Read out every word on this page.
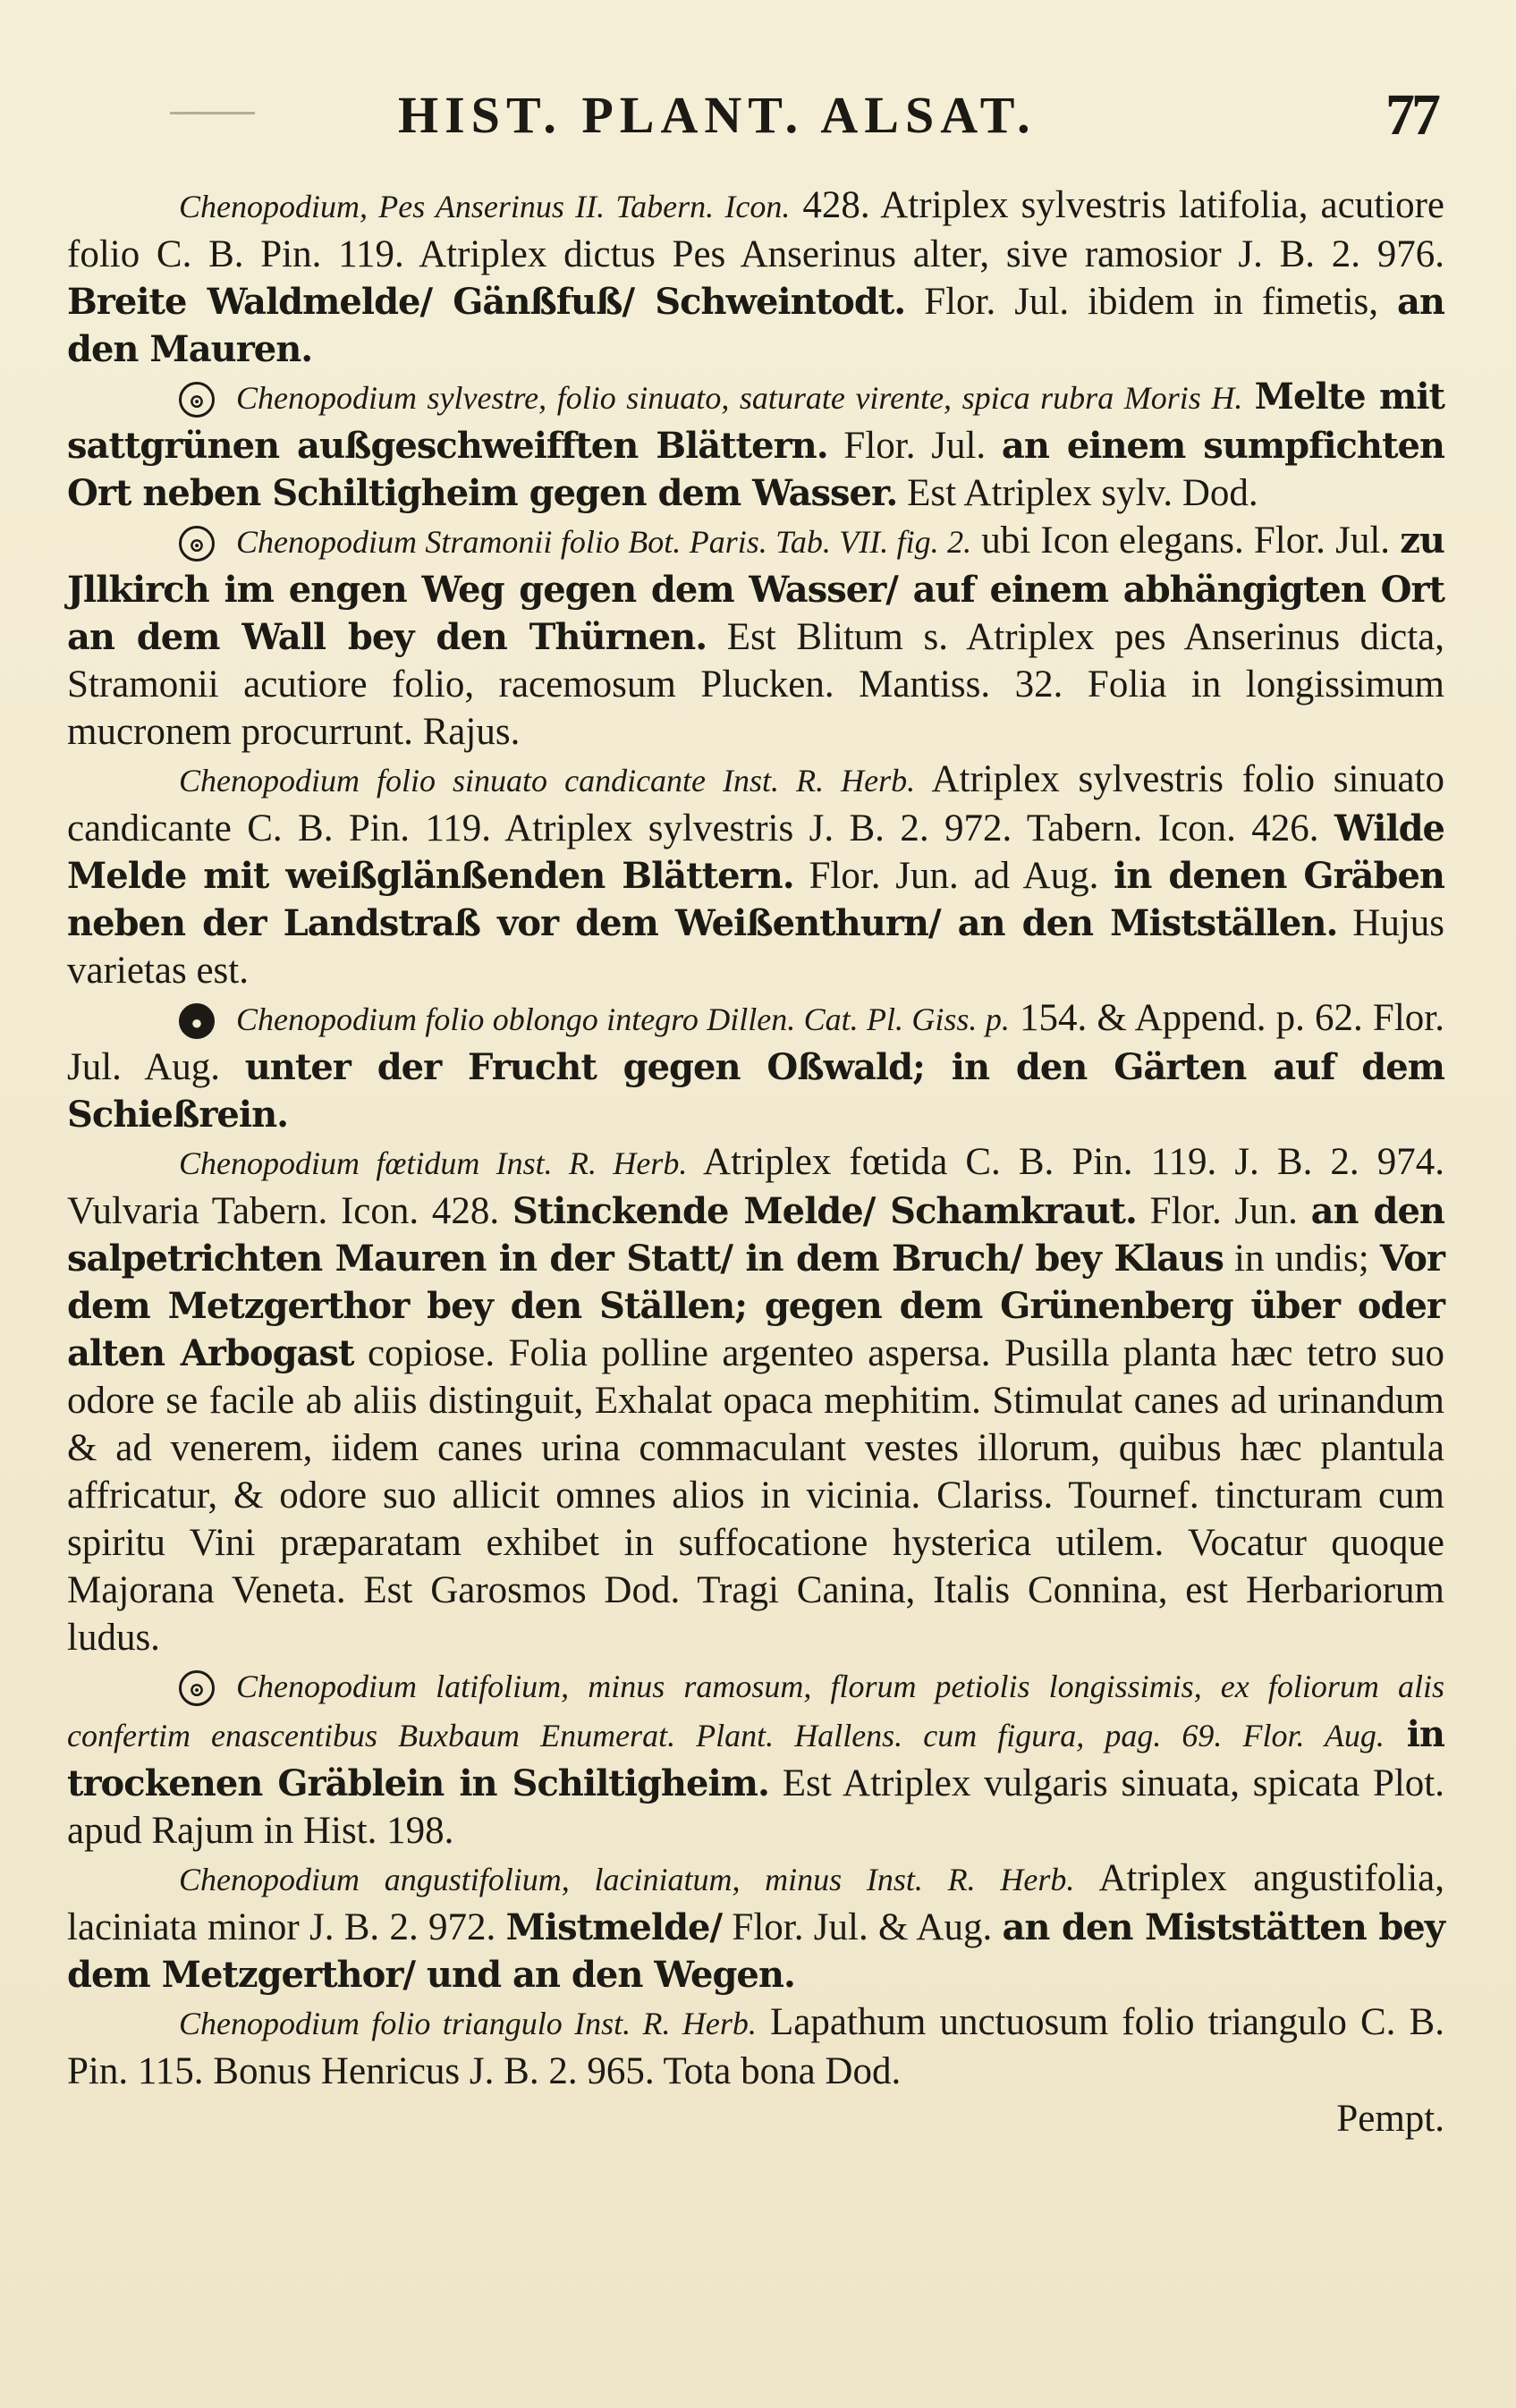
HIST. PLANT. ALSAT.	77

Chenopodium, Pes Anserinus II. Tabern. Icon. 428. Atriplex sylvestris latifolia, acutiore folio C. B. Pin. 119. Atriplex dictus Pes Anserinus alter, sive ramosior J. B. 2. 976. Breite Waldmelde/ Gänßfuß/ Schweintodt. Flor. Jul. ibidem in fimetis, an den Mauren.

⊙ Chenopodium sylvestre, folio sinuato, saturate virente, spica rubra Moris H. Melte mit sattgrünen außgeschweifften Blättern. Flor. Jul. an einem sumpfichten Ort neben Schiltigheim gegen dem Wasser. Est Atriplex sylv. Dod.

⊙ Chenopodium Stramonii folio Bot. Paris. Tab. VII. fig. 2. ubi Icon elegans. Flor. Jul. zu Jllkirch im engen Weg gegen dem Wasser/ auf einem abhängigten Ort an dem Wall bey den Thürnen. Est Blitum s. Atriplex pes Anserinus dicta, Stramonii acutiore folio, racemosum Plucken. Mantiss. 32. Folia in longissimum mucronem procurrunt. Rajus.

Chenopodium folio sinuato candicante Inst. R. Herb. Atriplex sylvestris folio sinuato candicante C. B. Pin. 119. Atriplex sylvestris J. B. 2. 972. Tabern. Icon. 426. Wilde Melde mit weißglänßenden Blättern. Flor. Jun. ad Aug. in denen Gräben neben der Landstraß vor dem Weißenthurn/ an den Mistställen. Hujus varietas est.

● Chenopodium folio oblongo integro Dillen. Cat. Pl. Giss. p. 154. & Append. p. 62. Flor. Jul. Aug. unter der Frucht gegen Oßwald; in den Gärten auf dem Schießrein.

Chenopodium fœtidum Inst. R. Herb. Atriplex fœtida C. B. Pin. 119. J. B. 2. 974. Vulvaria Tabern. Icon. 428. Stinckende Melde/ Schamkraut. Flor. Jun. an den salpetrichten Mauren in der Statt/ in dem Bruch/ bey Klaus in undis; Vor dem Metzgerthor bey den Ställen; gegen dem Grünenberg über oder alten Arbogast copiose. Folia polline argenteo aspersa. Pusilla planta hæc tetro suo odore se facile ab aliis distinguit, Exhalat opaca mephitim. Stimulat canes ad urinandum & ad venerem, iidem canes urina commaculant vestes illorum, quibus hæc plantula affricatur, & odore suo allicit omnes alios in vicinia. Clariss. Tournef. tincturam cum spiritu Vini præparatam exhibet in suffocatione hysterica utilem. Vocatur quoque Majorana Veneta. Est Garosmos Dod. Tragi Canina, Italis Connina, est Herbariorum ludus.

⊙ Chenopodium latifolium, minus ramosum, florum petiolis longissimis, ex foliorum alis confertim enascentibus Buxbaum Enumerat. Plant. Hallens. cum figura, pag. 69. Flor. Aug. in trockenen Gräblein in Schiltigheim. Est Atriplex vulgaris sinuata, spicata Plot. apud Rajum in Hist. 198.

Chenopodium angustifolium, laciniatum, minus Inst. R. Herb. Atriplex angustifolia, laciniata minor J. B. 2. 972. Mistmelde/ Flor. Jul. & Aug. an den Miststätten bey dem Metzgerthor/ und an den Wegen.

Chenopodium folio triangulo Inst. R. Herb. Lapathum unctuosum folio triangulo C. B. Pin. 115. Bonus Henricus J. B. 2. 965. Tota bona Dod.

Pempt.
